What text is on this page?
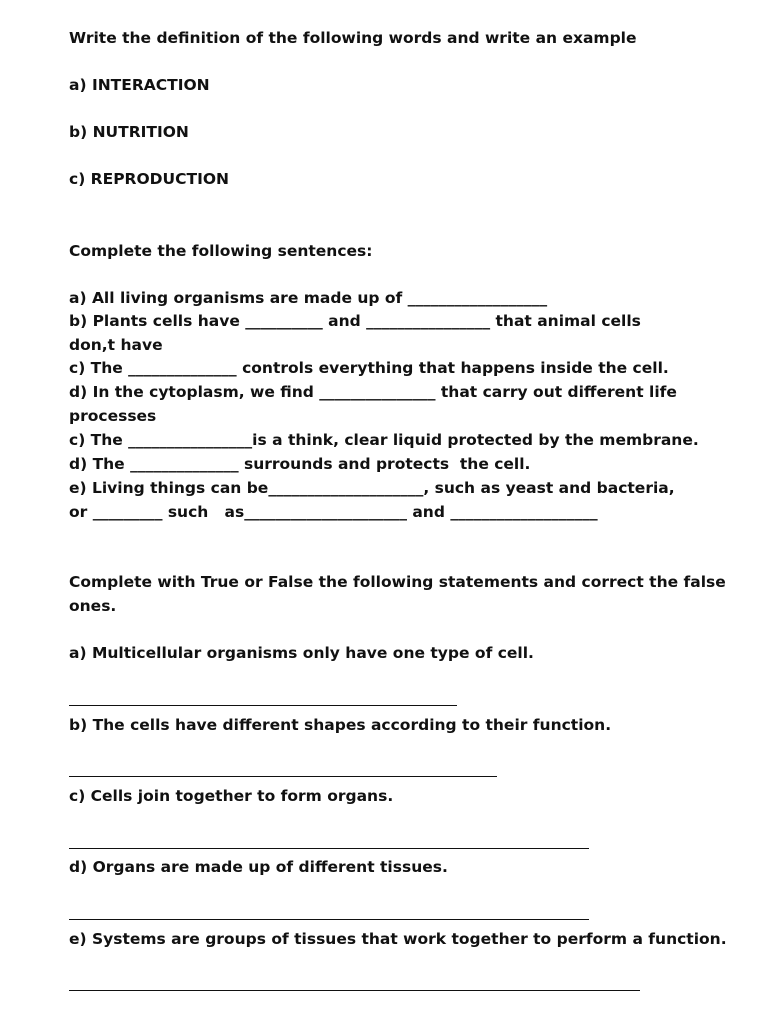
Write the definition of the following words and write an example

a) INTERACTION

b) NUTRITION

c) REPRODUCTION

Complete the following sentences:

a) All living organisms are made up of __________________

b) Plants cells have __________ and ________________ that animal cells

don,t have

c) The ______________ controls everything that happens inside the cell.

d) In the cytoplasm, we find _______________ that carry out different life

processes

c) The ________________is a think, clear liquid protected by the membrane.

d) The ______________ surrounds and protects  the cell.

e) Living things can be____________________, such as yeast and bacteria,

or _________ such   as_____________________ and ___________________

Complete with True or False the following statements and correct the false

ones.

a) Multicellular organisms only have one type of cell.

b) The cells have different shapes according to their function.

c) Cells join together to form organs.

d) Organs are made up of different tissues.

e) Systems are groups of tissues that work together to perform a function.
